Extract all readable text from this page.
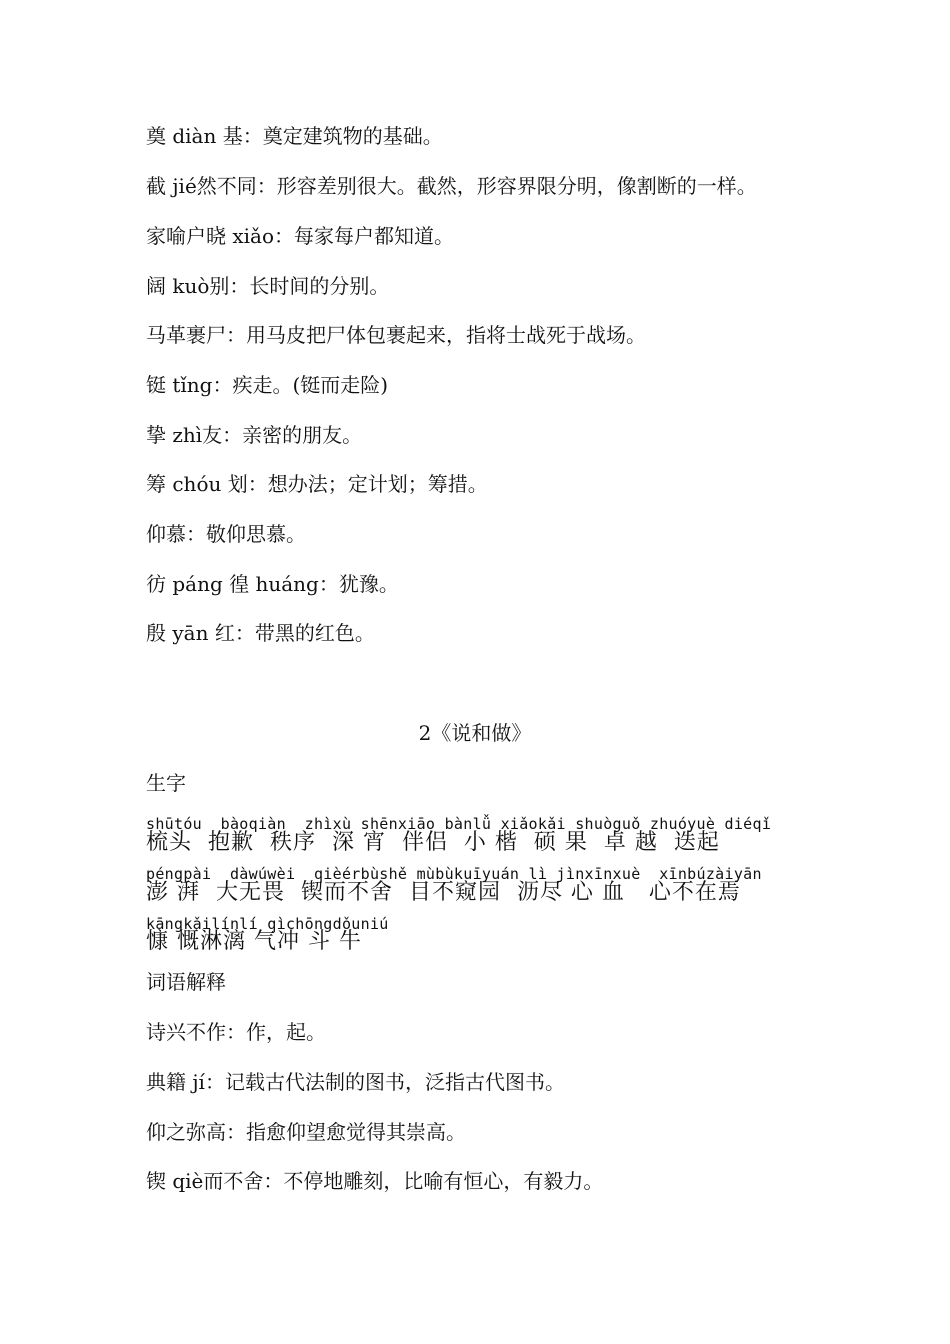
奠 diàn 基：奠定建筑物的基础。
截 jié然不同：形容差别很大。截然，形容界限分明，像割断的一样。
家喻户晓 xiǎo：每家每户都知道。
阔 kuò别：长时间的分别。
马革裹尸：用马皮把尸体包裹起来，指将士战死于战场。
铤 tǐng：疾走。(铤而走险)
挚 zhì友：亲密的朋友。
筹 chóu 划：想办法；定计划；筹措。
仰慕：敬仰思慕。
彷 páng 徨 huáng：犹豫。
殷 yān 红：带黑的红色。
2《说和做》
生字
shūtóu  bàoqiàn  zhìxù shēnxiāo bànlǚ xiǎokǎi shuòguǒ zhuóyuè diéqǐ
梳头  抱歉  秩序  深 宵  伴侣  小 楷  硕 果  卓 越  迭起
péngpài  dàwúwèi  qièérbùshě mùbùkuīyuán lì jìnxīnxuè  xīnbúzàiyān
澎 湃  大无畏  锲而不舍  目不窥园  沥尽 心 血   心不在焉
kāngkǎilínlí qìchōngdǒuniú
慷 慨淋漓 气冲 斗 牛
词语解释
诗兴不作：作，起。
典籍 jí：记载古代法制的图书，泛指古代图书。
仰之弥高：指愈仰望愈觉得其崇高。
锲 qiè而不舍：不停地雕刻，比喻有恒心，有毅力。
